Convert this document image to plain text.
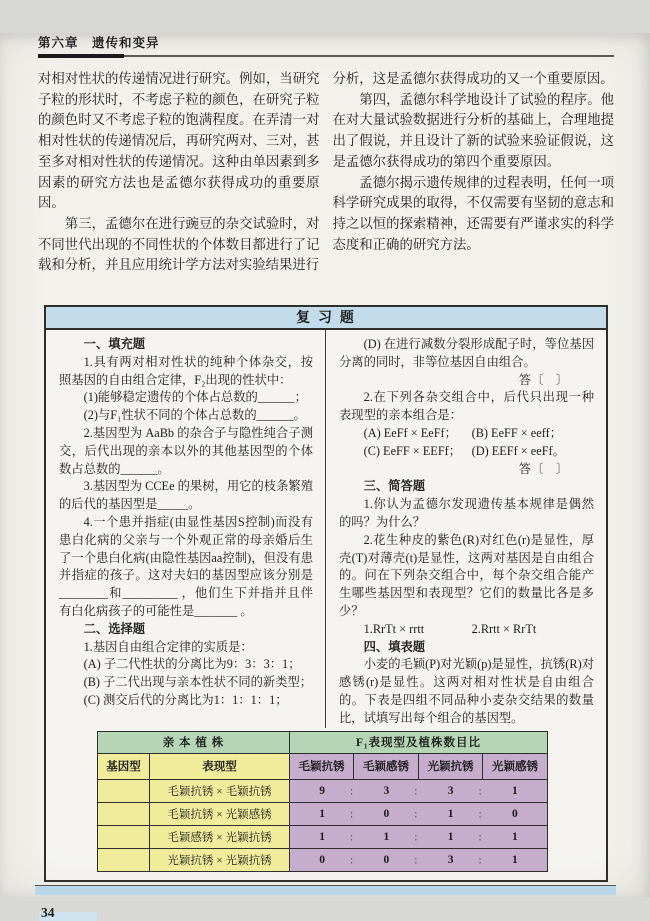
第六章　遗传和变异

对相对性状的传递情况进行研究。例如，当研究子粒的形状时，不考虑子粒的颜色，在研究子粒的颜色时又不考虑子粒的饱满程度。在弄清一对相对性状的传递情况后，再研究两对、三对，甚至多对相对性状的传递情况。这种由单因素到多因素的研究方法也是孟德尔获得成功的重要原因。

第三，孟德尔在进行豌豆的杂交试验时，对不同世代出现的不同性状的个体数目都进行了记载和分析，并且应用统计学方法对实验结果进行

分析，这是孟德尔获得成功的又一个重要原因。

第四，孟德尔科学地设计了试验的程序。他在对大量试验数据进行分析的基础上，合理地提出了假说，并且设计了新的试验来验证假说，这是孟德尔获得成功的第四个重要原因。

孟德尔揭示遗传规律的过程表明，任何一项科学研究成果的取得，不仅需要有坚韧的意志和持之以恒的探索精神，还需要有严谨求实的科学态度和正确的研究方法。

复 习 题

一、填充题

1.具有两对相对性状的纯种个体杂交，按照基因的自由组合定律，F₂出现的性状中：

(1)能够稳定遗传的个体占总数的______；

(2)与F₁性状不同的个体占总数的______。

2.基因型为 AaBb 的杂合子与隐性纯合子测交，后代出现的亲本以外的其他基因型的个体数占总数的______。

3.基因型为 CCEe 的果树，用它的枝条繁殖的后代的基因型是_____。

4.一个患并指症(由显性基因S控制)而没有患白化病的父亲与一个外观正常的母亲婚后生了一个患白化病(由隐性基因aa控制)，但没有患并指症的孩子。这对夫妇的基因型应该分别是________和_________ ，他们生下并指并且伴有白化病孩子的可能性是_______ 。

二、选择题

1.基因自由组合定律的实质是：

(A) 子二代性状的分离比为9：3：3：1；

(B) 子二代出现与亲本性状不同的新类型；

(C) 测交后代的分离比为1：1：1：1；

(D) 在进行减数分裂形成配子时，等位基因分离的同时，非等位基因自由组合。

答〔　〕

2.在下列各杂交组合中，后代只出现一种表现型的亲本组合是：

(A) EeFf × EeFf；	(B) EeFF × eeff；
(C) EeFF × EEFf； (D) EEFf × eeFf。

答〔　〕

三、简答题

1.你认为孟德尔发现遗传基本规律是偶然的吗？为什么？

2.花生种皮的紫色(R)对红色(r)是显性，厚壳(T)对薄壳(t)是显性，这两对基因是自由组合的。问在下列杂交组合中，每个杂交组合能产生哪些基因型和表现型？它们的数量比各是多少？

1.RrTt × rrtt	2.Rrtt × RrTt

四、填表题

小麦的毛颖(P)对光颖(p)是显性，抗锈(R)对感锈(r)是显性。这两对相对性状是自由组合的。下表是四组不同品种小麦杂交结果的数量比，试填写出每个组合的基因型。

亲 本 植 株		F₁表现型及植株数目比			
基因型	表现型	毛颖抗锈	毛颖感锈	光颖抗锈	光颖感锈
	毛颖抗锈 × 毛颖抗锈	9	：	3	：	3	：	1

	毛颖抗锈 × 光颖感锈	1	：	0	：	1	：	0

	毛颖感锈 × 光颖抗锈	1	：	1	：	1	：	1

	光颖抗锈 × 光颖抗锈	0	：	0	：	3	：	1
34
